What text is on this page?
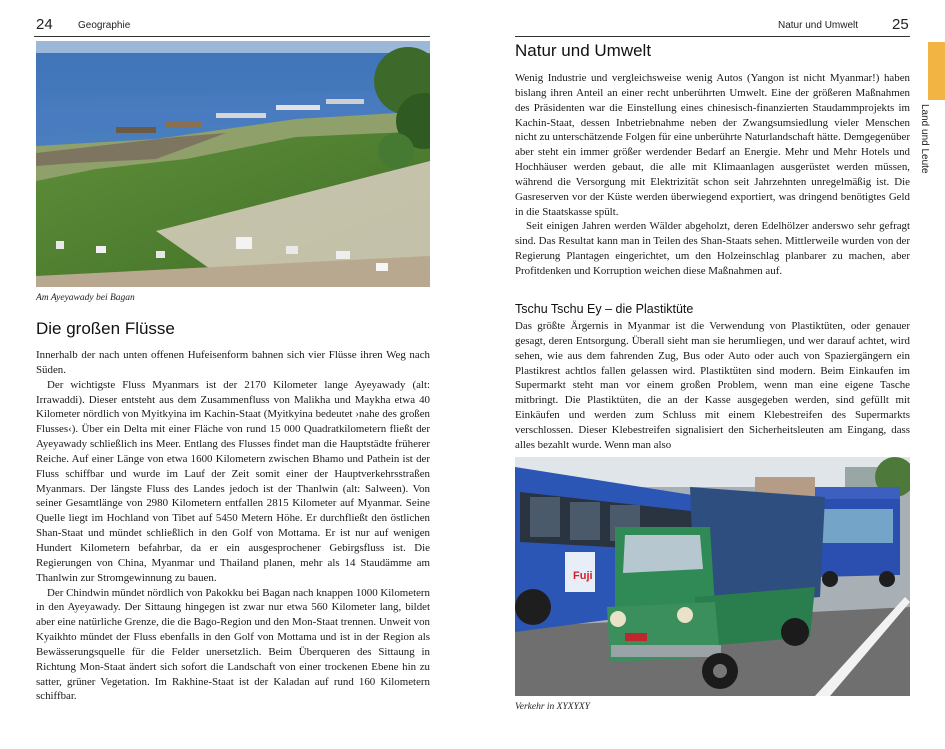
24	Geographie
Am Ayeyawady bei Bagan
Die großen Flüsse

Innerhalb der nach unten offenen Hufeisenform bahnen sich vier Flüsse ihren Weg nach Süden.

Der wichtigste Fluss Myanmars ist der 2170 Kilometer lange Ayeyawady (alt: Irrawaddi). Dieser entsteht aus dem Zusammenfluss von Malikha und Maykha etwa 40 Kilometer nördlich von Myitkyina im Kachin-Staat (Myitkyina bedeutet ›nahe des großen Flusses‹). Über ein Delta mit einer Fläche von rund 15 000 Quadratkilometern fließt der Ayeyawady schließlich ins Meer. Entlang des Flusses findet man die Hauptstädte früherer Reiche. Auf einer Länge von etwa 1600 Kilometern zwischen Bhamo und Pathein ist der Fluss schiffbar und wurde im Lauf der Zeit somit einer der Hauptverkehrsstraßen Myanmars. Der längste Fluss des Landes jedoch ist der Thanlwin (alt: Salween). Von seiner Gesamtlänge von 2980 Kilometern entfallen 2815 Kilometer auf Myanmar. Seine Quelle liegt im Hochland von Tibet auf 5450 Metern Höhe. Er durchfließt den östlichen Shan-Staat und mündet schließlich in den Golf von Mottama. Er ist nur auf wenigen Hundert Kilometern befahrbar, da er ein ausgesprochener Gebirgsfluss ist. Die Regierungen von China, Myanmar und Thailand planen, mehr als 14 Staudämme am Thanlwin zur Stromgewinnung zu bauen.

Der Chindwin mündet nördlich von Pakokku bei Bagan nach knappen 1000 Kilometern in den Ayeyawady. Der Sittaung hingegen ist zwar nur etwa 560 Kilometer lang, bildet aber eine natürliche Grenze, die die Bago-Region und den Mon-Staat trennen. Unweit von Kyaikhto mündet der Fluss ebenfalls in den Golf von Mottama und ist in der Region als Bewässerungsquelle für die Felder unersetzlich. Beim Überqueren des Sittaung in Richtung Mon-Staat ändert sich sofort die Landschaft von einer trockenen Ebene hin zu satter, grüner Vegetation. Im Rakhine-Staat ist der Kaladan auf rund 160 Kilometern schiffbar.

Natur und Umwelt 25
Natur und Umwelt

Wenig Industrie und vergleichsweise wenig Autos (Yangon ist nicht Myanmar!) haben bislang ihren Anteil an einer recht unberührten Umwelt. Eine der größeren Maßnahmen des Präsidenten war die Einstellung eines chinesisch-finanzierten Staudammprojekts im Kachin-Staat, dessen Inbetriebnahme neben der Zwangsumsiedlung vieler Menschen nicht zu unterschätzende Folgen für eine unberührte Naturlandschaft hätte. Demgegenüber aber steht ein immer größer werdender Bedarf an Energie. Mehr und Mehr Hotels und Hochhäuser werden gebaut, die alle mit Klimaanlagen ausgerüstet werden müssen, während die Versorgung mit Elektrizität schon seit Jahrzehnten unregelmäßig ist. Die Gasreserven vor der Küste werden überwiegend exportiert, was dringend benötigtes Geld in die Staatskasse spült.

Seit einigen Jahren werden Wälder abgeholzt, deren Edelhölzer anderswo sehr gefragt sind. Das Resultat kann man in Teilen des Shan-Staats sehen. Mittlerweile wurden von der Regierung Plantagen eingerichtet, um den Holzeinschlag planbarer zu machen, aber Profitdenken und Korruption weichen diese Maßnahmen auf.

Tschu Tschu Ey – die Plastiktüte

Das größte Ärgernis in Myanmar ist die Verwendung von Plastiktüten, oder genauer gesagt, deren Entsorgung. Überall sieht man sie herumliegen, und wer darauf achtet, wird sehen, wie aus dem fahrenden Zug, Bus oder Auto oder auch von Spaziergängern ein Plastikrest achtlos fallen gelassen wird. Plastiktüten sind modern. Beim Einkaufen im Supermarkt steht man vor einem großen Problem, wenn man eine eigene Tasche mitbringt. Die Plastiktüten, die an der Kasse ausgegeben werden, sind gefüllt mit Einkäufen und werden zum Schluss mit einem Klebestreifen des Supermarkts verschlossen. Dieser Klebestreifen signalisiert den Sicherheitsleuten am Eingang, dass alles bezahlt wurde. Wenn man also

Fuji
Verkehr in XYXYXY
Land und Leute
